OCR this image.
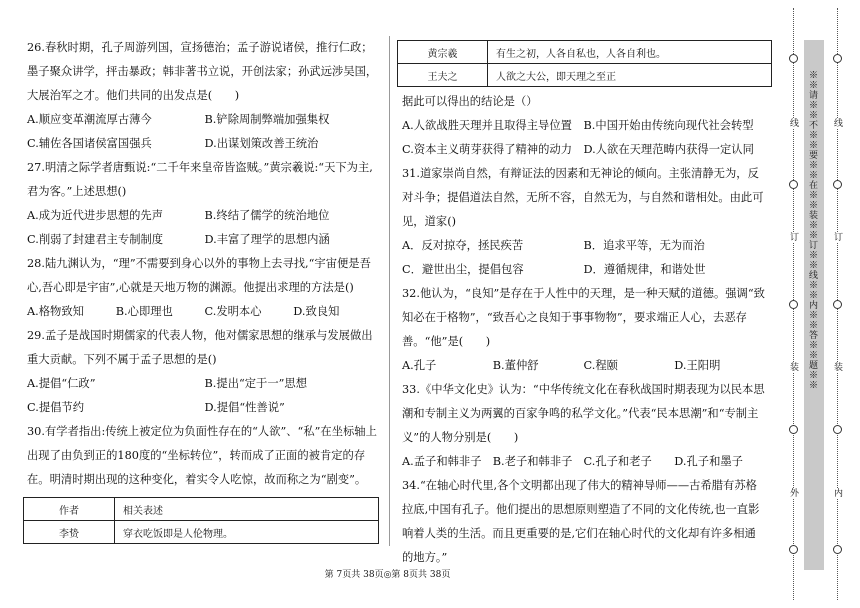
26.春秋时期，孔子周游列国，宣扬德治；孟子游说诸侯，推行仁政；墨子聚众讲学，抨击暴政；韩非著书立说，开创法家；孙武远涉吴国，大展治军之才。他们共同的出发点是(　　)

A.顺应变革潮流厚古薄今	B.铲除周制弊端加强集权
C.辅佐各国诸侯富国强兵	D.出谋划策改善王统治

27.明清之际学者唐甄说:“二千年来皇帝皆盗贼。”黄宗羲说:“天下为主,君为客。”上述思想()

A.成为近代进步思想的先声	B.终结了儒学的统治地位
C.削弱了封建君主专制制度	D.丰富了理学的思想内涵

28.陆九渊认为，“理”不需要到身心以外的事物上去寻找,“宇宙便是吾心,吾心即是宇宙”,心就是天地万物的渊源。他提出求理的方法是()

A.格物致知	B.心即理也	C.发明本心	D.致良知

29.孟子是战国时期儒家的代表人物，他对儒家思想的继承与发展做出重大贡献。下列不属于孟子思想的是()

A.提倡“仁政”	B.提出“定于一”思想
C.提倡节约	D.提倡“性善说”

30.有学者指出:传统上被定位为负面性存在的“人欲”、“私”在坐标轴上出现了由负到正的180度的“坐标转位”，转而成了正面的被肯定的存在。明清时期出现的这种变化，着实令人吃惊，故而称之为“剧变”。

作者	相关表述
李贽	穿衣吃饭即是人伦物理。
黄宗羲	有生之初，人各自私也，人各自利也。
王夫之	人欲之大公，即天理之至正

据此可以得出的结论是（）

A.人欲战胜天理并且取得主导位置	B.中国开始由传统向现代社会转型
C.资本主义萌芽获得了精神的动力	D.人欲在天理范畴内获得一定认同

31.道家崇尚自然，有辩证法的因素和无神论的倾向。主张清静无为，反对斗争；提倡道法自然，无所不容，自然无为，与自然和谐相处。由此可见，道家()

A．反对掠夺，拯民疾苦	B．追求平等，无为而治
C．避世出尘，提倡包容	D．遵循规律，和谐处世

32.他认为，“良知”是存在于人性中的天理，是一种天赋的道德。强调“致知必在于格物”，“致吾心之良知于事事物物”，要求端正人心，去恶存善。“他”是(　　)

A.孔子	B.董仲舒	C.程颐	D.王阳明

33.《中华文化史》认为：“中华传统文化在春秋战国时期表现为以民本思潮和专制主义为两翼的百家争鸣的私学文化。”代表“民本思潮”和“专制主义”的人物分别是(　　)

A.孟子和韩非子 B.老子和韩非子 C.孔子和老子	D.孔子和墨子

34.“在轴心时代里,各个文明都出现了伟大的精神导师——古希腊有苏格拉底,中国有孔子。他们提出的思想原则塑造了不同的文化传统,也一直影响着人类的生活。而且更重要的是,它们在轴心时代的文化却有许多相通的地方。”

第 7页共 38页◎第 8页共 38页
※※请※※不※※要※※在※※装※※订※※线※※内※※答※※题※※
线
订
装
外
线
订
装
内
